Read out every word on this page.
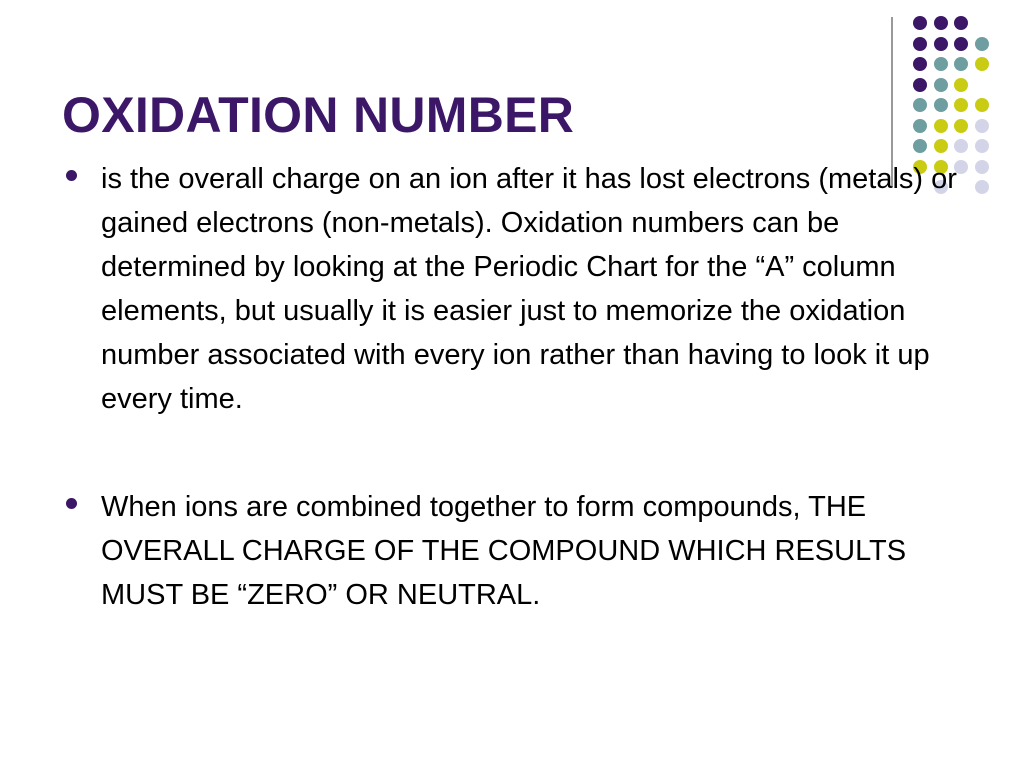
OXIDATION NUMBER
is the overall charge on an ion after it has lost electrons (metals) or gained electrons (non-metals). Oxidation numbers can be determined by looking at the Periodic Chart for the “A” column elements, but usually it is easier just to memorize the oxidation number associated with every ion rather than having to look it up every time.
When ions are combined together to form compounds, THE OVERALL CHARGE OF THE COMPOUND WHICH RESULTS MUST BE “ZERO” OR NEUTRAL.
